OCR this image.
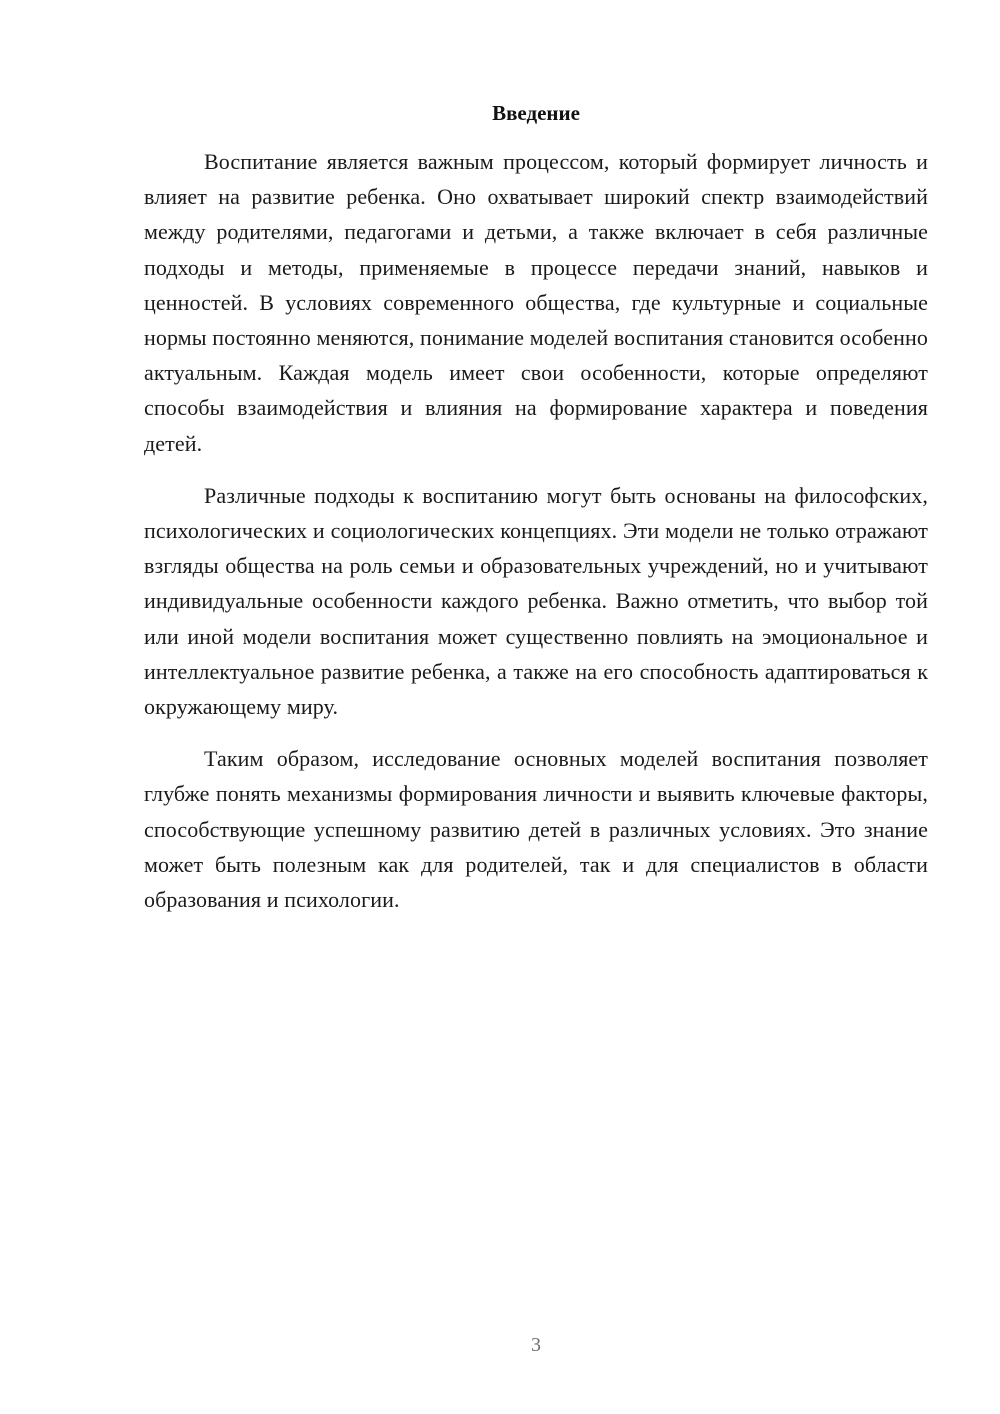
Введение

Воспитание является важным процессом, который формирует личность и влияет на развитие ребенка. Оно охватывает широкий спектр взаимодействий между родителями, педагогами и детьми, а также включает в себя различные подходы и методы, применяемые в процессе передачи знаний, навыков и ценностей. В условиях современного общества, где культурные и социальные нормы постоянно меняются, понимание моделей воспитания становится особенно актуальным. Каждая модель имеет свои особенности, которые определяют способы взаимодействия и влияния на формирование характера и поведения детей.

Различные подходы к воспитанию могут быть основаны на философских, психологических и социологических концепциях. Эти модели не только отражают взгляды общества на роль семьи и образовательных учреждений, но и учитывают индивидуальные особенности каждого ребенка. Важно отметить, что выбор той или иной модели воспитания может существенно повлиять на эмоциональное и интеллектуальное развитие ребенка, а также на его способность адаптироваться к окружающему миру.

Таким образом, исследование основных моделей воспитания позволяет глубже понять механизмы формирования личности и выявить ключевые факторы, способствующие успешному развитию детей в различных условиях. Это знание может быть полезным как для родителей, так и для специалистов в области образования и психологии.

3
